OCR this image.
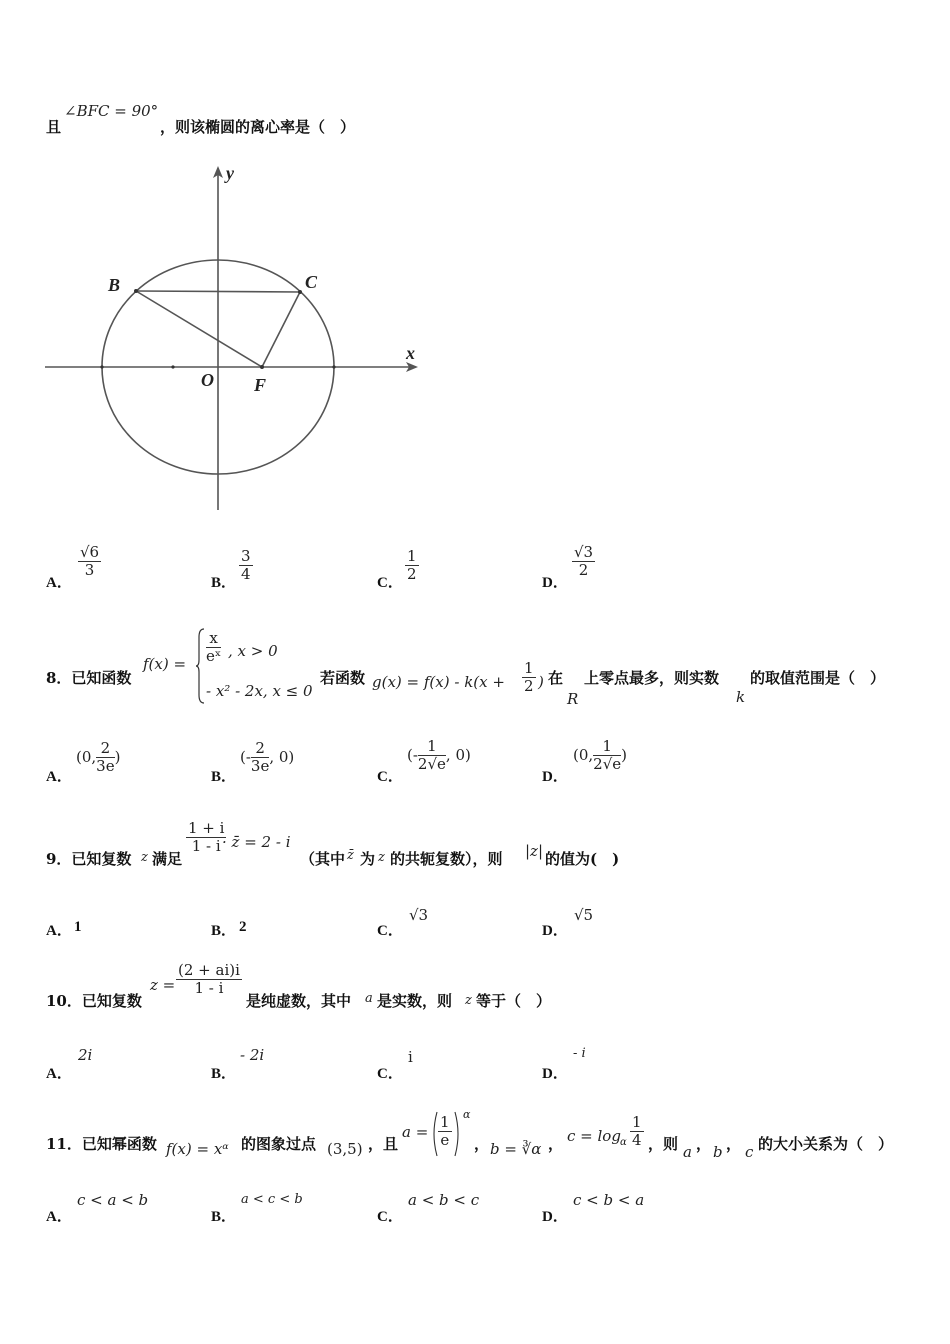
且
∠BFC = 90°
，则该椭圆的离心率是（　）
y
x
B	C
O F
A．
$\frac{√6}{3}$
B．
$\frac{3}{4}$
C．
$\frac{1}{2}$
D．
$\frac{√3}{2}$
8．已知函数
$f(x) = \frac{x}{\text{eˣ}}$ , x > 0
- x² - 2x, x ≤ 0
若函数 $g(x) = f(x) - k(x + \frac{1}{2}$ ) 在
R
上零点最多，则实数
k
的取值范围是（　）
A．
(0, $\frac{2}{3e}$ )
B．
(- $\frac{2}{3e}$ , 0)
C．
(- $\frac{1}{2√e}$ , 0)
D．
(0, $\frac{1}{2√e}$ )
9．已知复数 z 满足
$\frac{1 + i}{1 - i}$
· z̄ = 2 - i
（其中 z̄ 为 z 的共轭复数），则 |z| 的值为(　)
A． 1	B． 2	C．
√3
D．
√5
10．已知复数
$z = \frac{(2 + ai)i}{1 - i}$
是纯虚数，其中 a 是实数，则 z 等于（　）
A．
2i
B．
- 2i
C．
i
D．
- i
11．已知幂函数 f(x) = xᵅ 的图象过点 (3,5) ，且
$a = \frac{1}{e}$ α
， b = ∛α ， c = log α $\frac{1}{4}$ ，则 a ， b ， c 的大小关系为（　）
A．
c < a < b
B．
a < c < b
C．
a < b < c
D．
c < b < a
